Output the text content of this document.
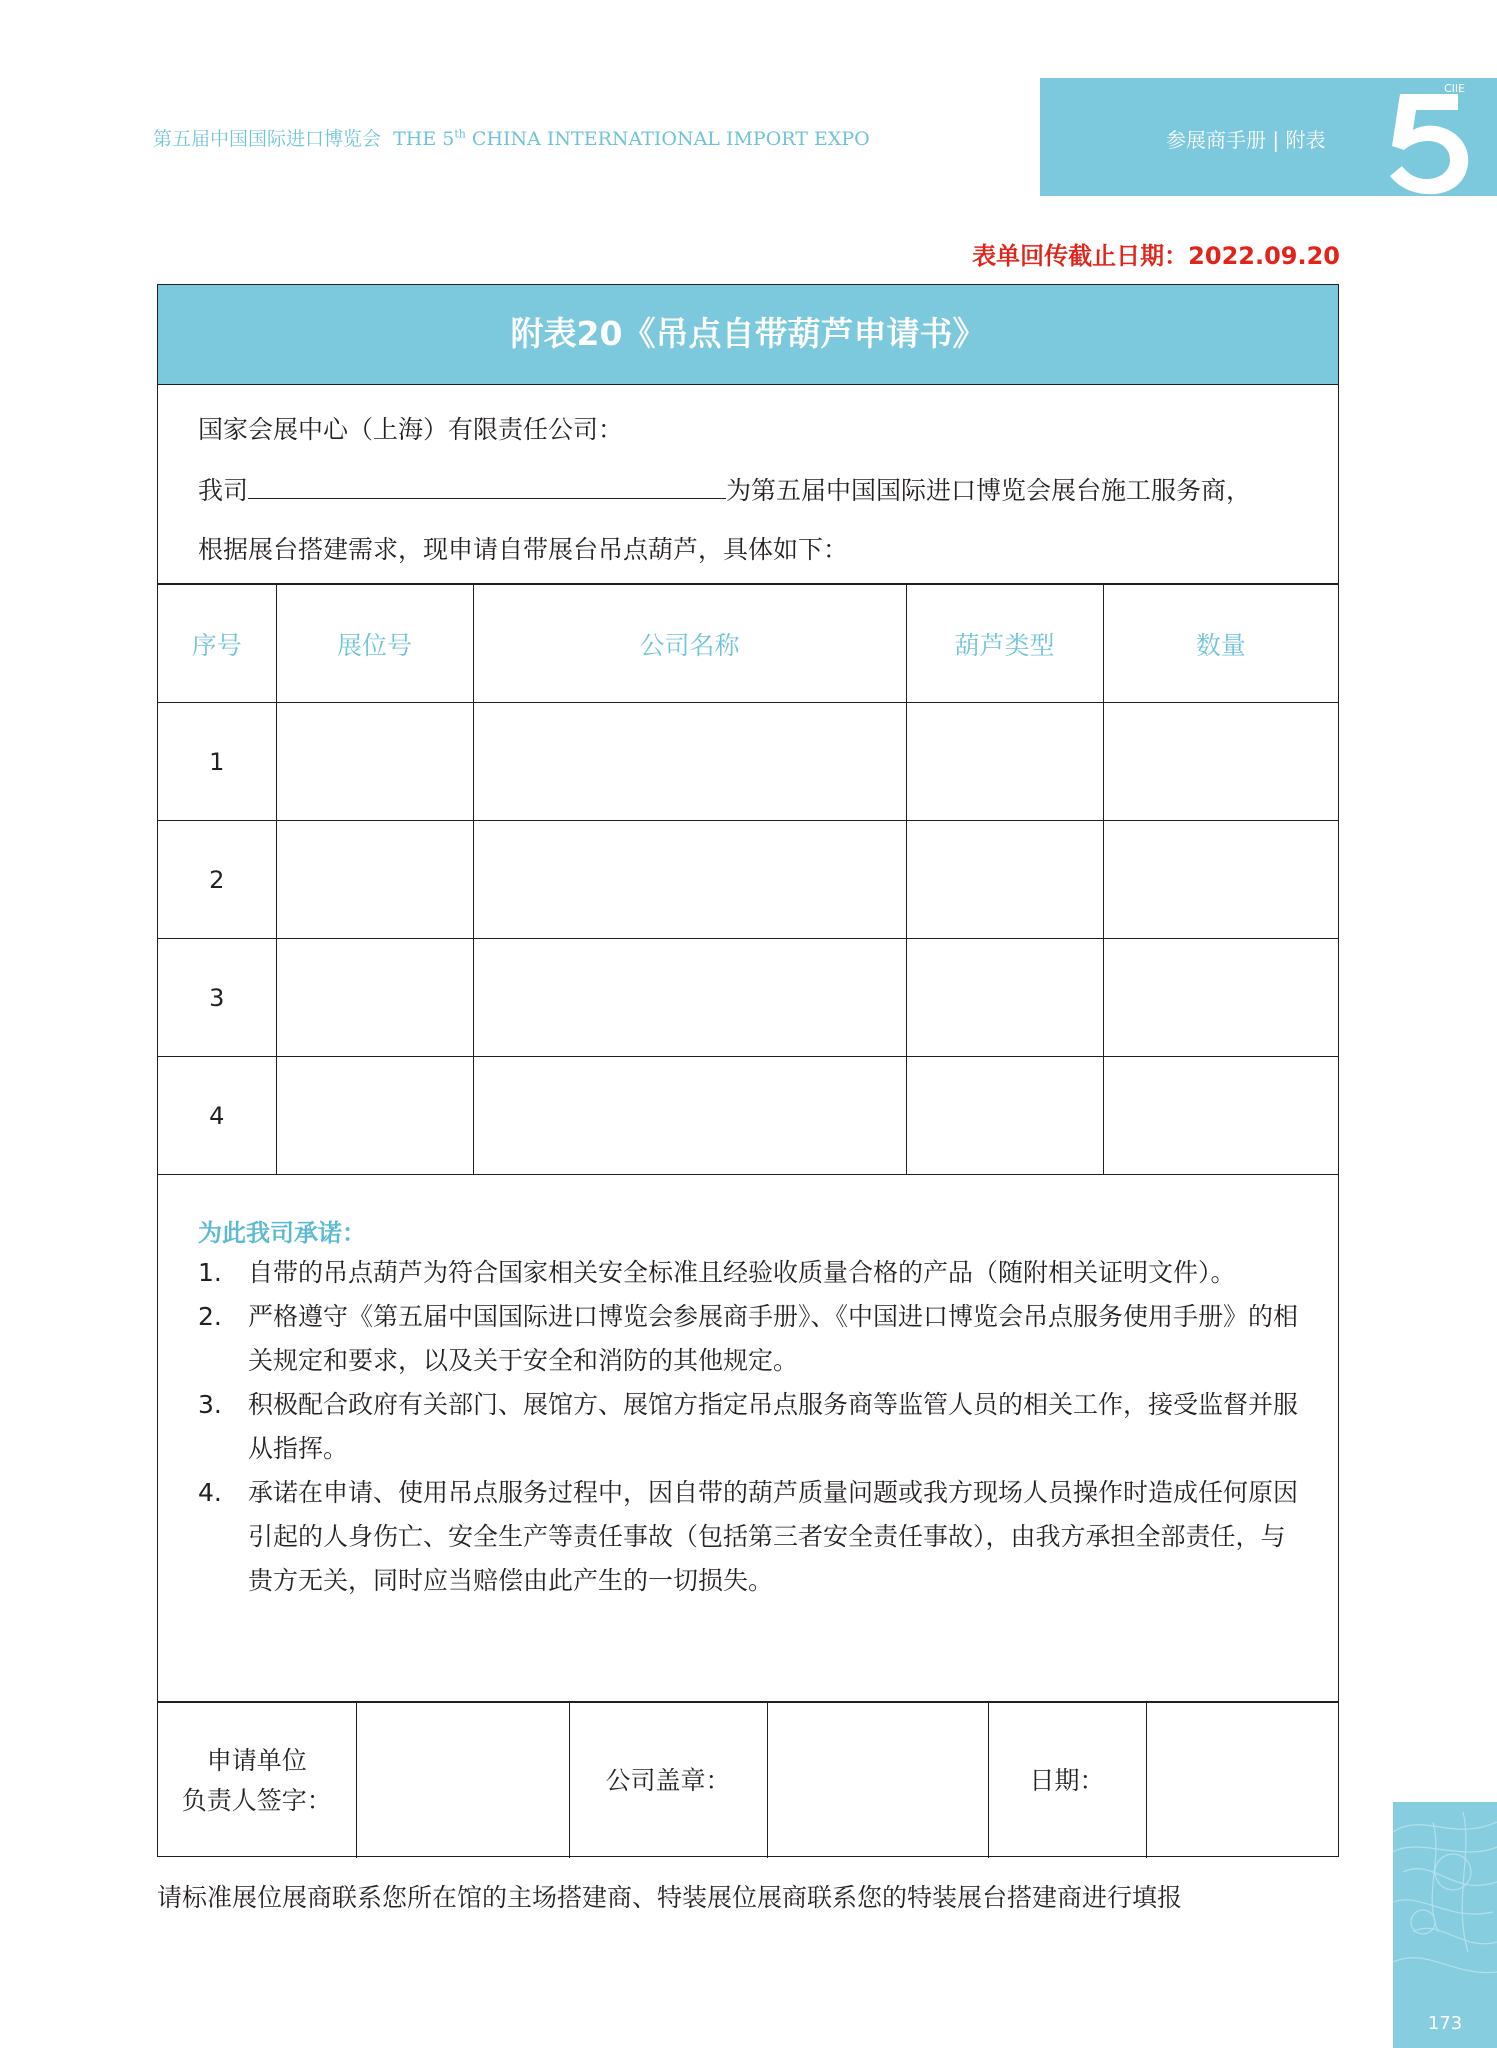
第五届中国国际进口博览会 THE 5th CHINA INTERNATIONAL IMPORT EXPO	参展商手册 | 附表
CIIE
表单回传截止日期：2022.09.20
附表20《吊点自带葫芦申请书》
国家会展中心（上海）有限责任公司：
我司	为第五届中国国际进口博览会展台施工服务商，
根据展台搭建需求，现申请自带展台吊点葫芦，具体如下：
序号	展位号	公司名称	葫芦类型	数量
1				
2				
3				
4				
为此我司承诺：
1. 自带的吊点葫芦为符合国家相关安全标准且经验收质量合格的产品（随附相关证明文件）。
2. 严格遵守《第五届中国国际进口博览会参展商手册》、《中国进口博览会吊点服务使用手册》的相关规定和要求，以及关于安全和消防的其他规定。
3. 积极配合政府有关部门、展馆方、展馆方指定吊点服务商等监管人员的相关工作，接受监督并服从指挥。
4. 承诺在申请、使用吊点服务过程中，因自带的葫芦质量问题或我方现场人员操作时造成任何原因引起的人身伤亡、安全生产等责任事故（包括第三者安全责任事故），由我方承担全部责任，与贵方无关，同时应当赔偿由此产生的一切损失。
申请单位
负责人签字：
		公司盖章：		日期：	
请标准展位展商联系您所在馆的主场搭建商、特装展位展商联系您的特装展台搭建商进行填报
173
